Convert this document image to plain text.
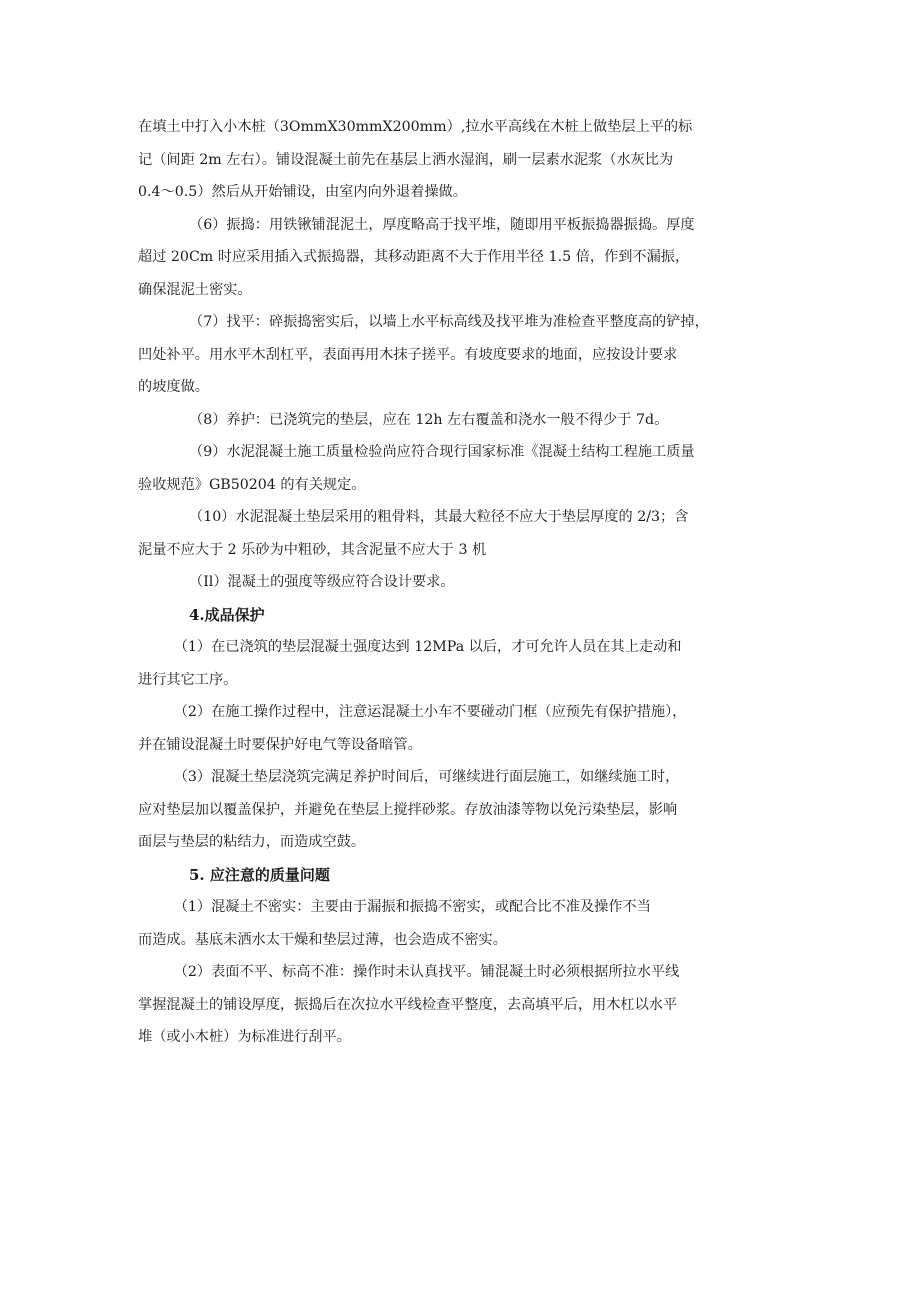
在填土中打入小木桩（3OmmX30mmX200mm）,拉水平高线在木桩上做垫层上平的标
记（间距 2m 左右）。铺设混凝土前先在基层上洒水湿润，刷一层素水泥浆（水灰比为
0.4～0.5）然后从开始铺设，由室内向外退着操做。
（6）振捣：用铁锹铺混泥土，厚度略高于找平堆，随即用平板振捣器振捣。厚度
超过 20Cm 时应采用插入式振捣器，其移动距离不大于作用半径 1.5 倍，作到不漏振，
确保混泥土密实。
（7）找平：碎振捣密实后，以墙上水平标高线及找平堆为准检查平整度高的铲掉，
凹处补平。用水平木刮杠平，表面再用木抹子搓平。有坡度要求的地面，应按设计要求
的坡度做。
（8）养护：已浇筑完的垫层，应在 12h 左右覆盖和浇水一般不得少于 7d。
（9）水泥混凝土施工质量检验尚应符合现行国家标准《混凝土结构工程施工质量
验收规范》GB50204 的有关规定。
（10）水泥混凝土垫层采用的粗骨料，其最大粒径不应大于垫层厚度的 2/3；含
泥量不应大于 2 乐砂为中粗砂，其含泥量不应大于 3 机
（Il）混凝土的强度等级应符合设计要求。
4.成品保护
（1）在已浇筑的垫层混凝土强度达到 12MPa 以后，才可允许人员在其上走动和
进行其它工序。
（2）在施工操作过程中，注意运混凝土小车不要碰动门框（应预先有保护措施），
并在铺设混凝土时要保护好电气等设备暗管。
（3）混凝土垫层浇筑完满足养护时间后，可继续进行面层施工，如继续施工时，
应对垫层加以覆盖保护，并避免在垫层上搅拌砂浆。存放油漆等物以免污染垫层，影响
面层与垫层的粘结力，而造成空鼓。
5. 应注意的质量问题
（1）混凝土不密实：主要由于漏振和振捣不密实，或配合比不准及操作不当
而造成。基底未洒水太干燥和垫层过薄，也会造成不密实。
（2）表面不平、标高不准：操作时未认真找平。铺混凝土时必须根据所拉水平线
掌握混凝土的铺设厚度，振捣后在次拉水平线检查平整度，去高填平后，用木杠以水平
堆（或小木桩）为标准进行刮平。
